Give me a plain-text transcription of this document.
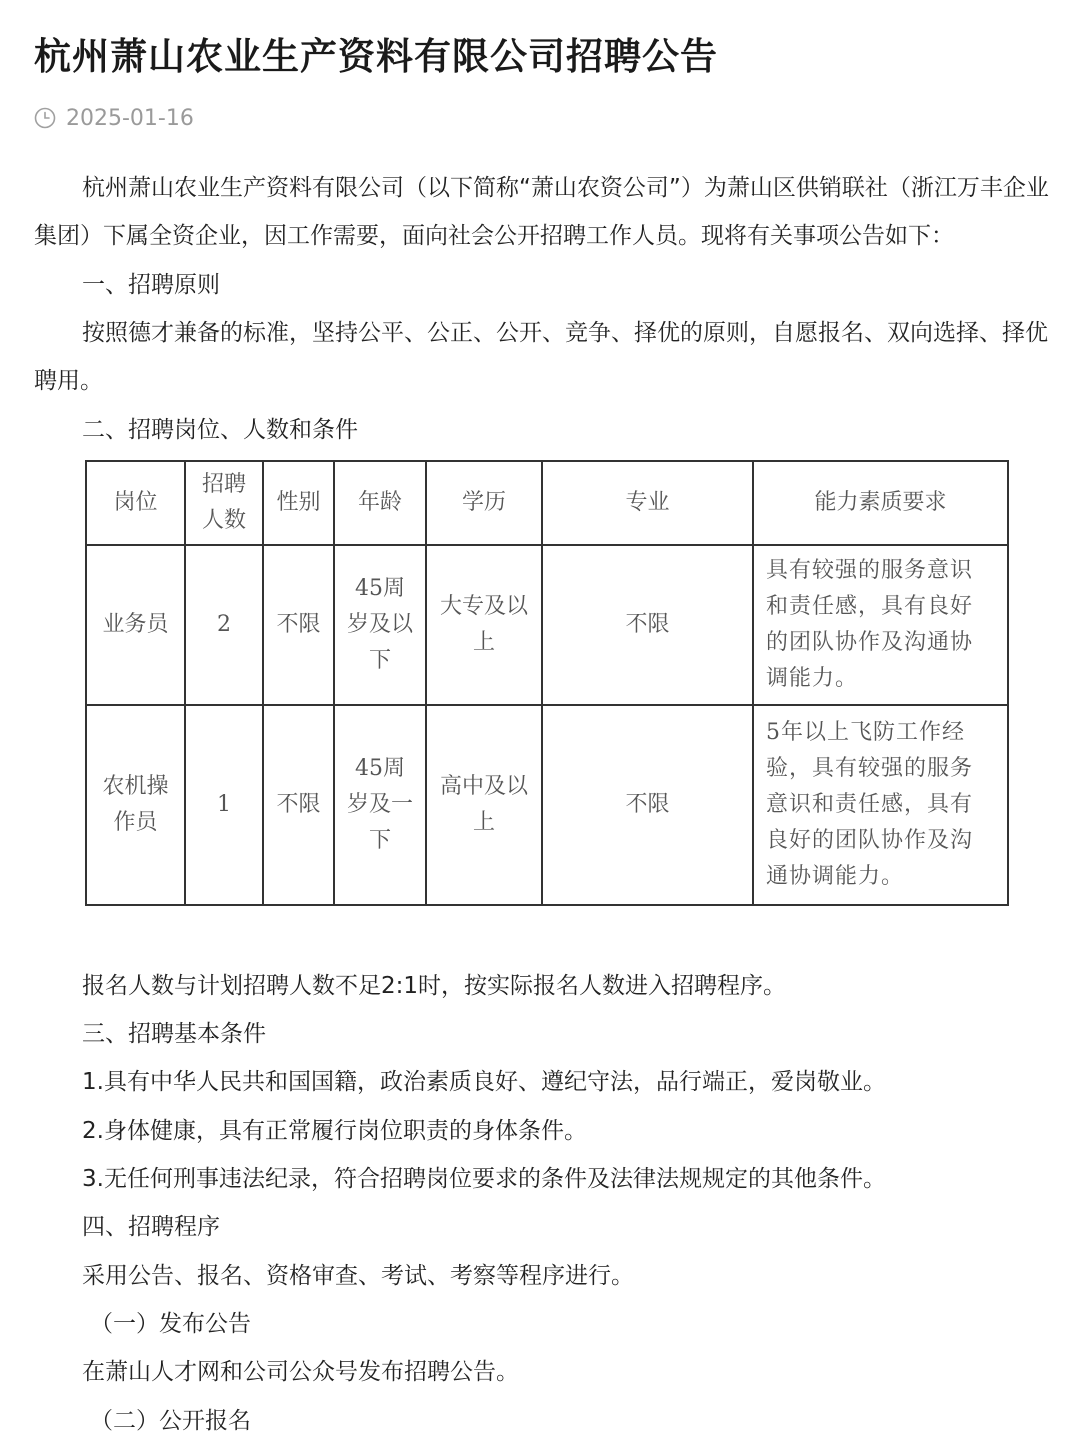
杭州萧山农业生产资料有限公司招聘公告
2025-01-16
杭州萧山农业生产资料有限公司（以下简称“萧山农资公司”）为萧山区供销联社（浙江万丰企业集团）下属全资企业，因工作需要，面向社会公开招聘工作人员。现将有关事项公告如下：
一、招聘原则
按照德才兼备的标准，坚持公平、公正、公开、竞争、择优的原则，自愿报名、双向选择、择优聘用。
二、招聘岗位、人数和条件
岗位	招聘人数	性别	年龄	学历	专业	能力素质要求
业务员	2	不限	45周岁及以下	大专及以上	不限	具有较强的服务意识和责任感，具有良好的团队协作及沟通协调能力。
农机操作员	1	不限	45周岁及一下	高中及以上	不限	5年以上飞防工作经验，具有较强的服务意识和责任感，具有良好的团队协作及沟通协调能力。
报名人数与计划招聘人数不足2:1时，按实际报名人数进入招聘程序。
三、招聘基本条件
1.具有中华人民共和国国籍，政治素质良好、遵纪守法，品行端正，爱岗敬业。
2.身体健康，具有正常履行岗位职责的身体条件。
3.无任何刑事违法纪录，符合招聘岗位要求的条件及法律法规规定的其他条件。
四、招聘程序
采用公告、报名、资格审查、考试、考察等程序进行。
（一）发布公告
在萧山人才网和公司公众号发布招聘公告。
（二）公开报名
